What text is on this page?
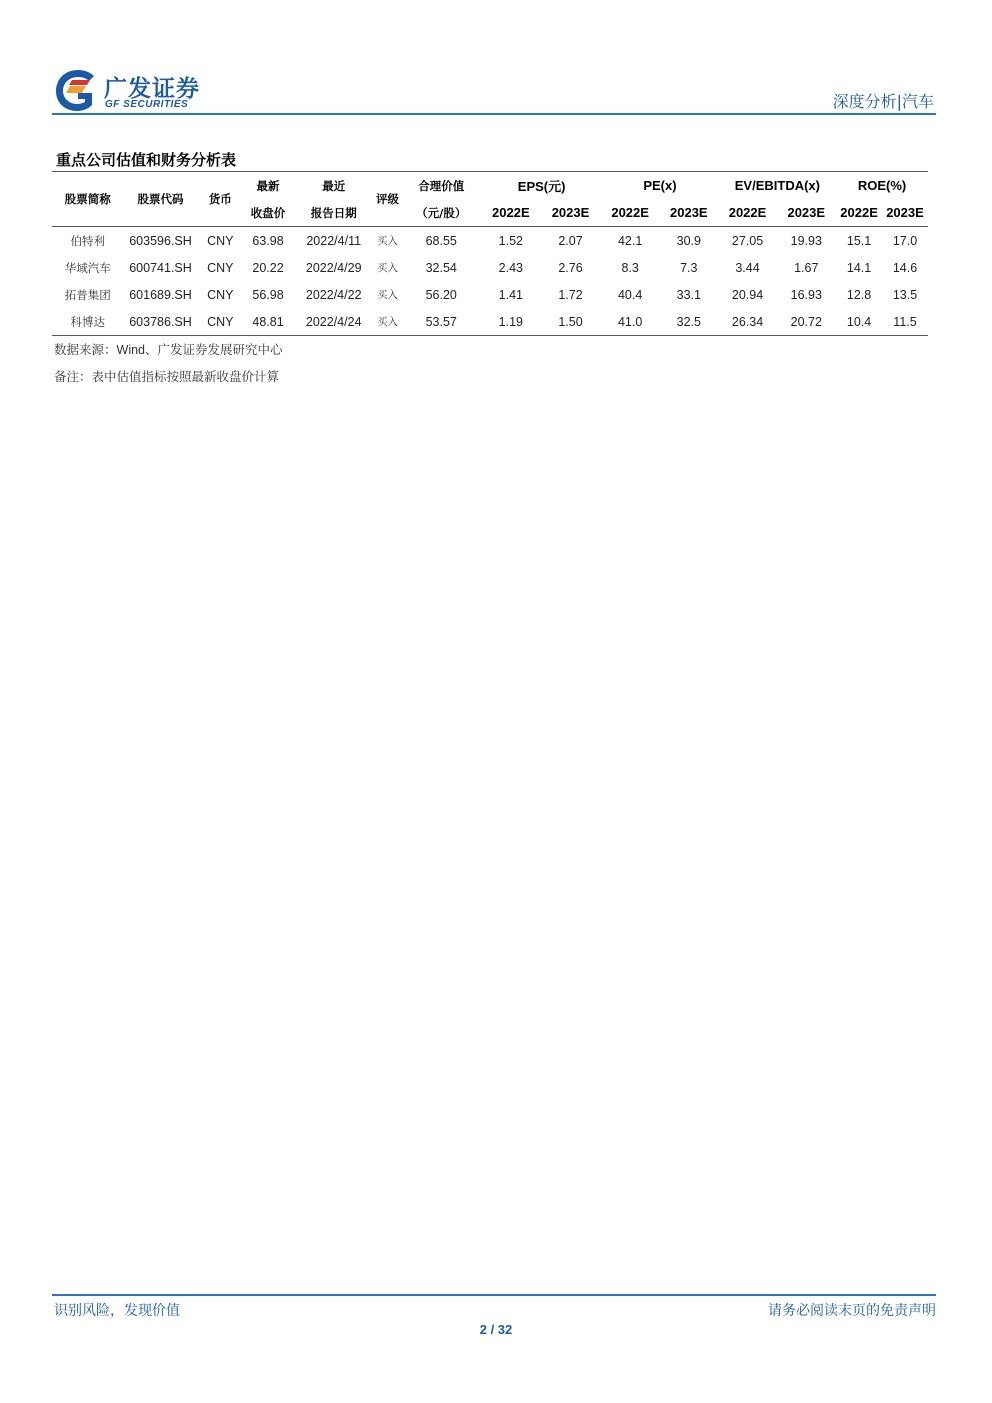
广发证券
GF SECURITIES	深度分析|汽车
重点公司估值和财务分析表
股票简称	股票代码	货币	最新	最近	评级	合理价值	EPS(元)		PE(x)		EV/EBITDA(x)		ROE(%)	
			收盘价	报告日期		（元/股）	2022E	2023E	2022E	2023E	2022E	2023E	2022E	2023E
伯特利	603596.SH	CNY	63.98	2022/4/11	买入	68.55	1.52	2.07	42.1	30.9	27.05	19.93	15.1	17.0
华域汽车	600741.SH	CNY	20.22	2022/4/29	买入	32.54	2.43	2.76	8.3	7.3	3.44	1.67	14.1	14.6
拓普集团	601689.SH	CNY	56.98	2022/4/22	买入	56.20	1.41	1.72	40.4	33.1	20.94	16.93	12.8	13.5
科博达	603786.SH	CNY	48.81	2022/4/24	买入	53.57	1.19	1.50	41.0	32.5	26.34	20.72	10.4	11.5
数据来源：Wind、广发证券发展研究中心
备注：表中估值指标按照最新收盘价计算
识别风险，发现价值	请务必阅读末页的免责声明
2 / 32
